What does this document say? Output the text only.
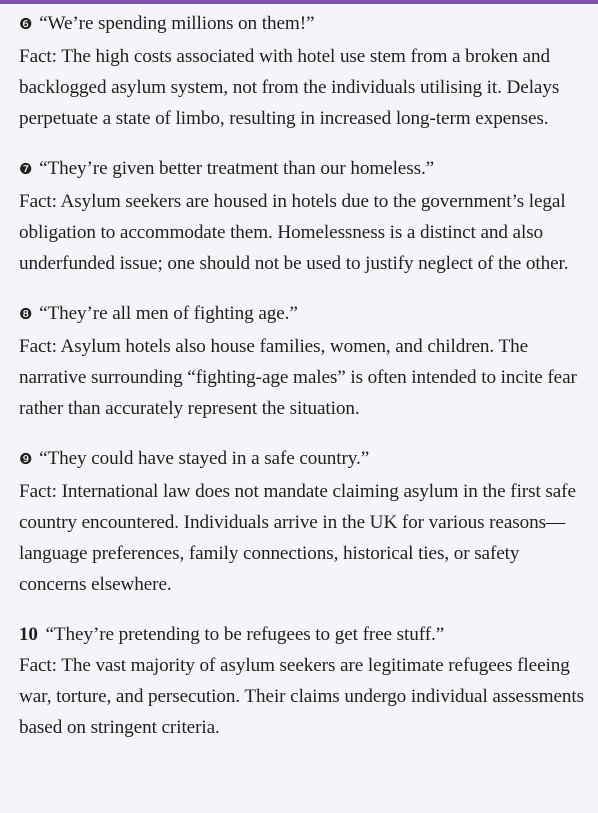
❻ “We’re spending millions on them!”
Fact: The high costs associated with hotel use stem from a broken and backlogged asylum system, not from the individuals utilising it. Delays perpetuate a state of limbo, resulting in increased long-term expenses.
❼ “They’re given better treatment than our homeless.”
Fact: Asylum seekers are housed in hotels due to the government’s legal obligation to accommodate them. Homelessness is a distinct and also underfunded issue; one should not be used to justify neglect of the other.
❽ “They’re all men of fighting age.”
Fact: Asylum hotels also house families, women, and children. The narrative surrounding “fighting-age males” is often intended to incite fear rather than accurately represent the situation.
❾ “They could have stayed in a safe country.”
Fact: International law does not mandate claiming asylum in the first safe country encountered. Individuals arrive in the UK for various reasons—language preferences, family connections, historical ties, or safety concerns elsewhere.
10 “They’re pretending to be refugees to get free stuff.”
Fact: The vast majority of asylum seekers are legitimate refugees fleeing war, torture, and persecution. Their claims undergo individual assessments based on stringent criteria.
